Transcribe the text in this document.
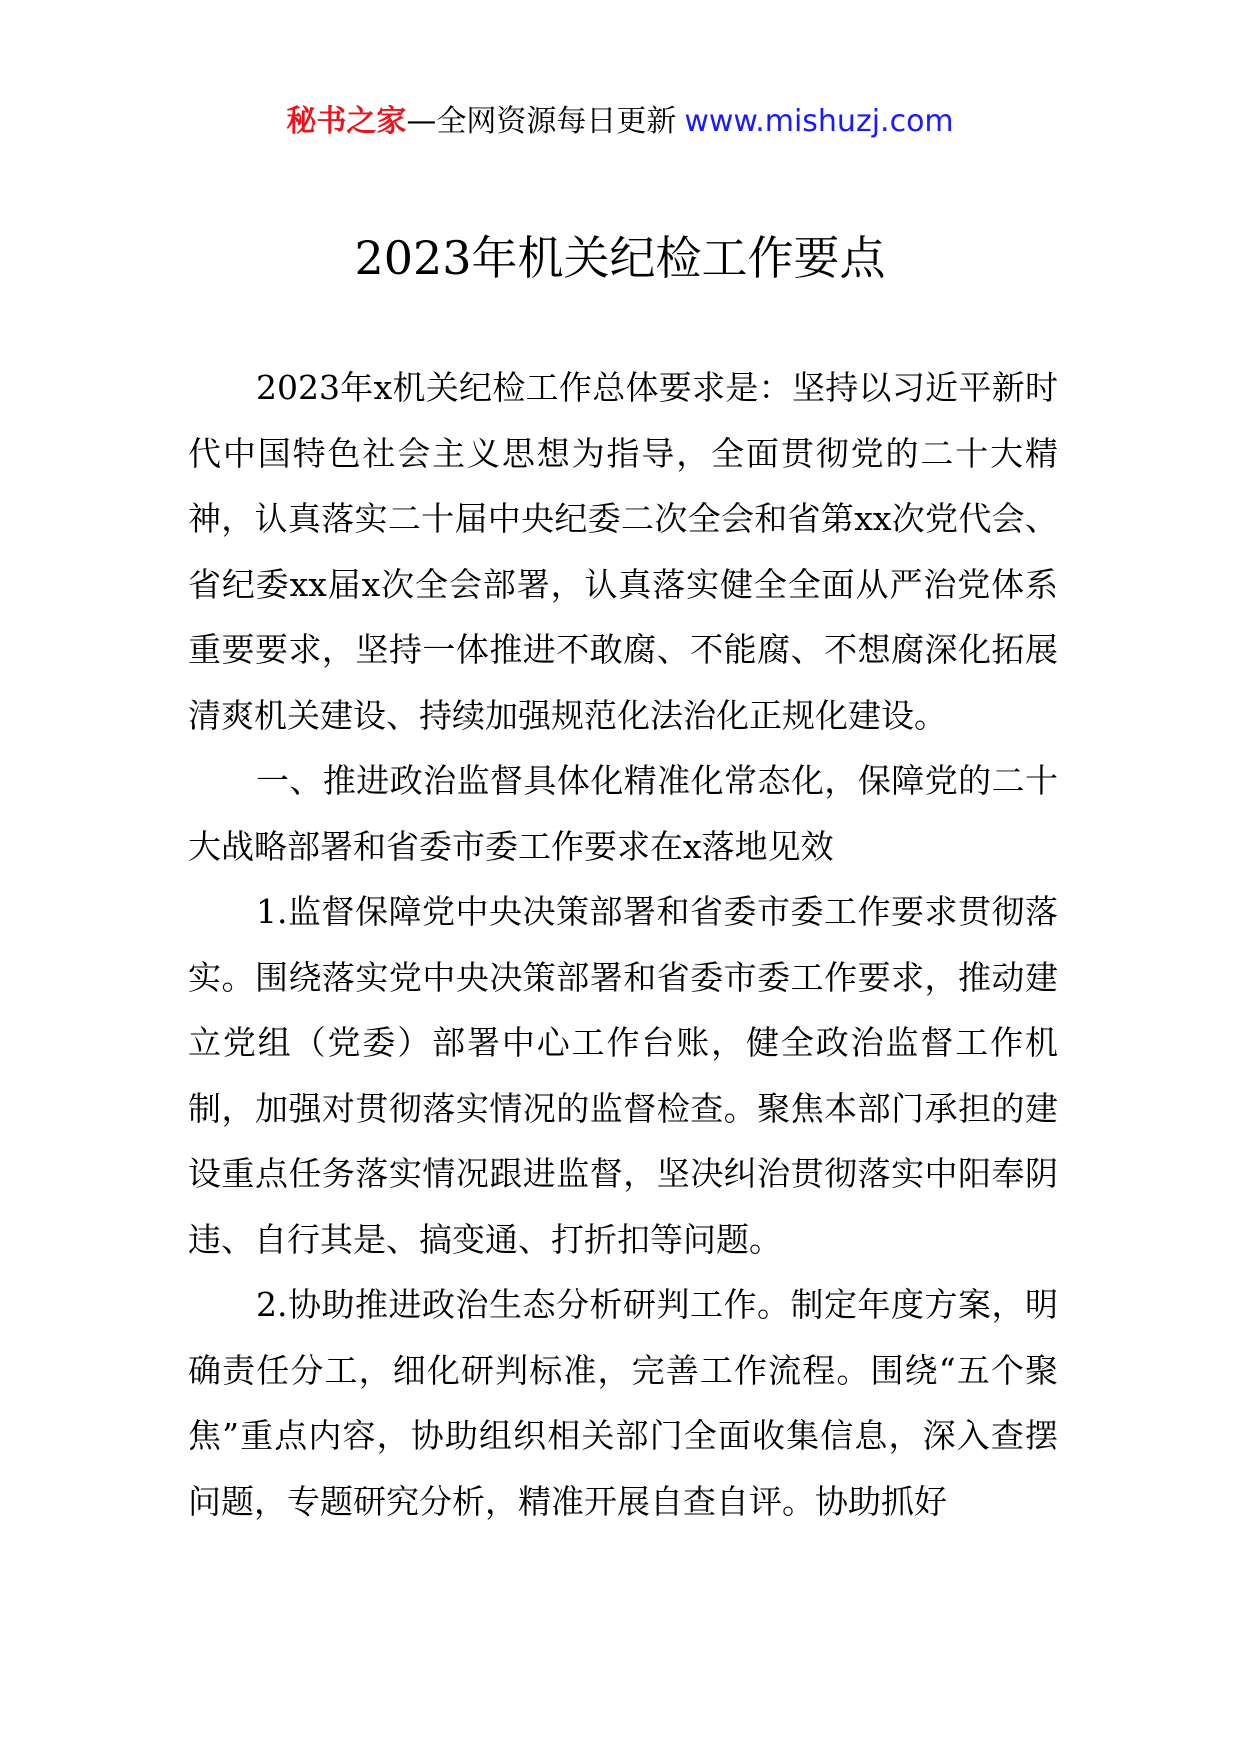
秘书之家—全网资源每日更新 www.mishuzj.com
2023年机关纪检工作要点

2023年x机关纪检工作总体要求是：坚持以习近平新时代中国特色社会主义思想为指导，全面贯彻党的二十大精神，认真落实二十届中央纪委二次全会和省第xx次党代会、省纪委xx届x次全会部署，认真落实健全全面从严治党体系重要要求，坚持一体推进不敢腐、不能腐、不想腐深化拓展清爽机关建设、持续加强规范化法治化正规化建设。

一、推进政治监督具体化精准化常态化，保障党的二十大战略部署和省委市委工作要求在x落地见效

1.监督保障党中央决策部署和省委市委工作要求贯彻落实。围绕落实党中央决策部署和省委市委工作要求，推动建立党组（党委）部署中心工作台账，健全政治监督工作机制，加强对贯彻落实情况的监督检查。聚焦本部门承担的建设重点任务落实情况跟进监督，坚决纠治贯彻落实中阳奉阴违、自行其是、搞变通、打折扣等问题。

2.协助推进政治生态分析研判工作。制定年度方案，明确责任分工，细化研判标准，完善工作流程。围绕“五个聚焦”重点内容，协助组织相关部门全面收集信息，深入查摆问题，专题研究分析，精准开展自查自评。协助抓好
